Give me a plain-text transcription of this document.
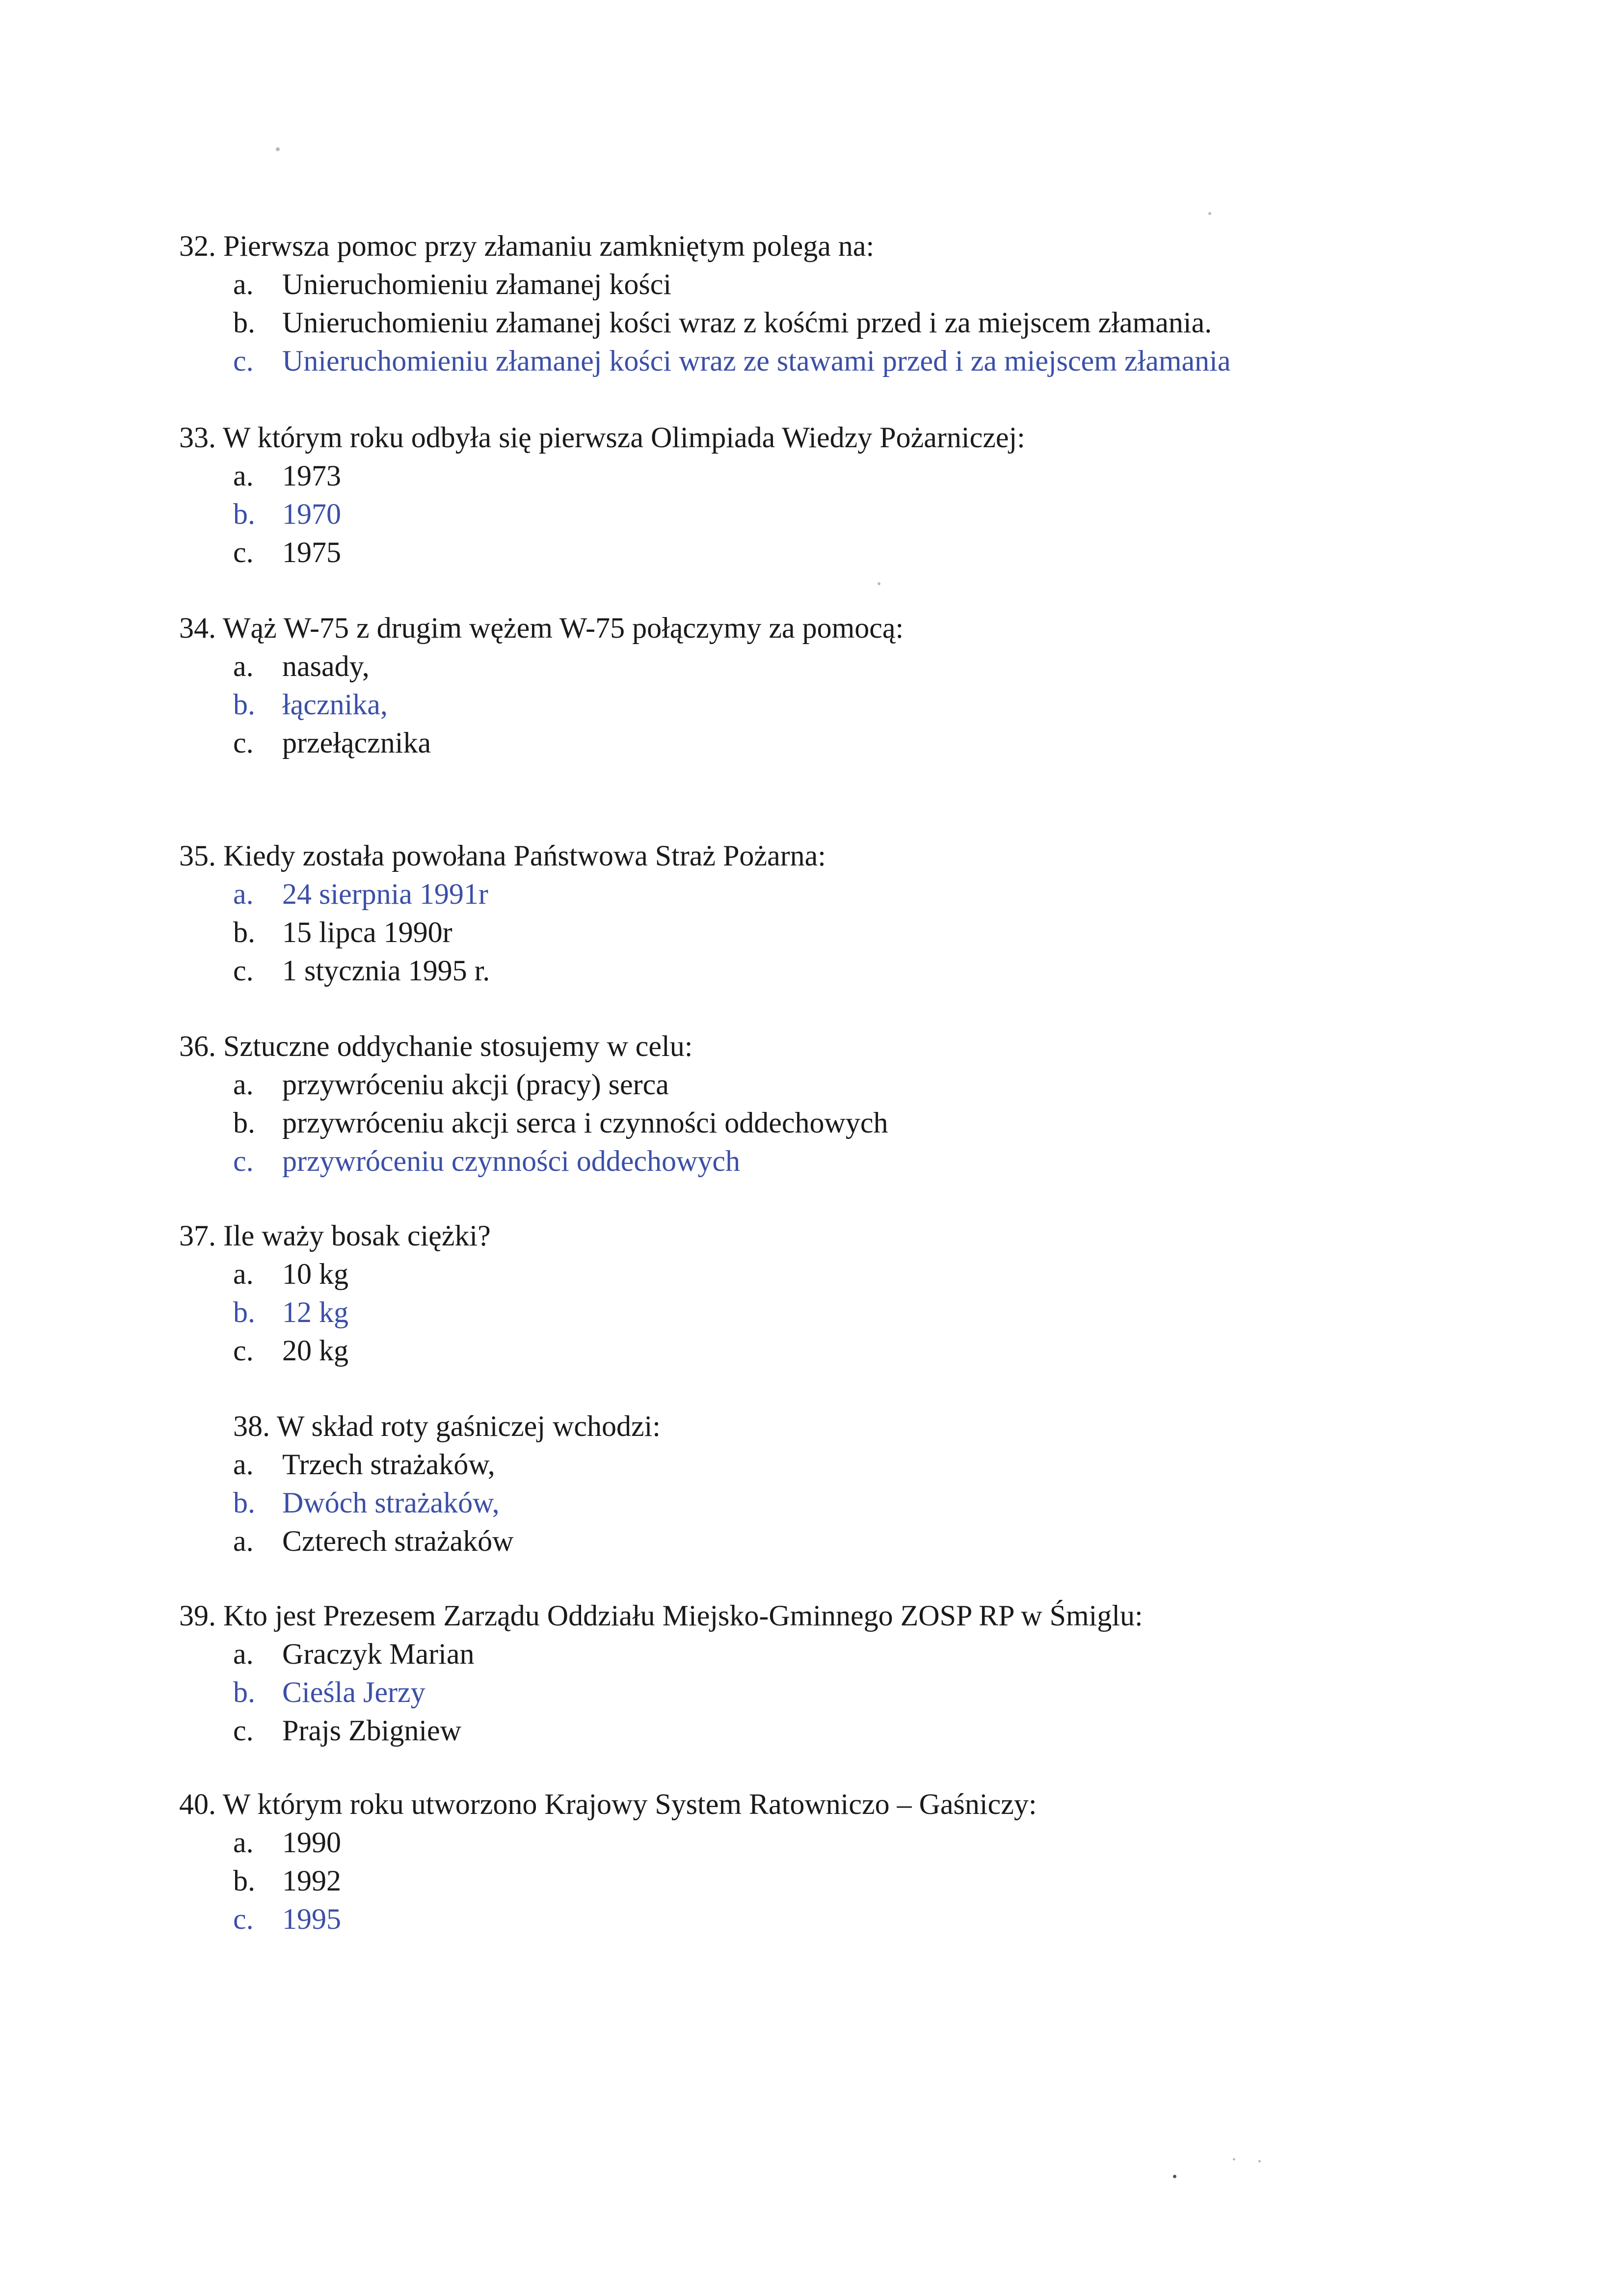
32. Pierwsza pomoc przy złamaniu zamkniętym polega na:

a. Unieruchomieniu złamanej kości
b. Unieruchomieniu złamanej kości wraz z kośćmi przed i za miejscem złamania.
c. Unieruchomieniu złamanej kości wraz ze stawami przed i za miejscem złamania

33. W którym roku odbyła się pierwsza Olimpiada Wiedzy Pożarniczej:

a. 1973
b. 1970
c. 1975

34. Wąż W-75 z drugim wężem W-75 połączymy za pomocą:

a. nasady,
b. łącznika,
c. przełącznika

35. Kiedy została powołana Państwowa Straż Pożarna:

a. 24 sierpnia 1991r
b. 15 lipca 1990r
c. 1 stycznia 1995 r.

36. Sztuczne oddychanie stosujemy w celu:

a. przywróceniu akcji (pracy) serca
b. przywróceniu akcji serca i czynności oddechowych
c. przywróceniu czynności oddechowych

37. Ile waży bosak ciężki?

a. 10 kg
b. 12 kg
c. 20 kg

38. W skład roty gaśniczej wchodzi:

a. Trzech strażaków,
b. Dwóch strażaków,
a. Czterech strażaków

39. Kto jest Prezesem Zarządu Oddziału Miejsko-Gminnego ZOSP RP w Śmiglu:

a. Graczyk Marian
b. Cieśla Jerzy
c. Prajs Zbigniew

40. W którym roku utworzono Krajowy System Ratowniczo – Gaśniczy:

a. 1990
b. 1992
c. 1995
